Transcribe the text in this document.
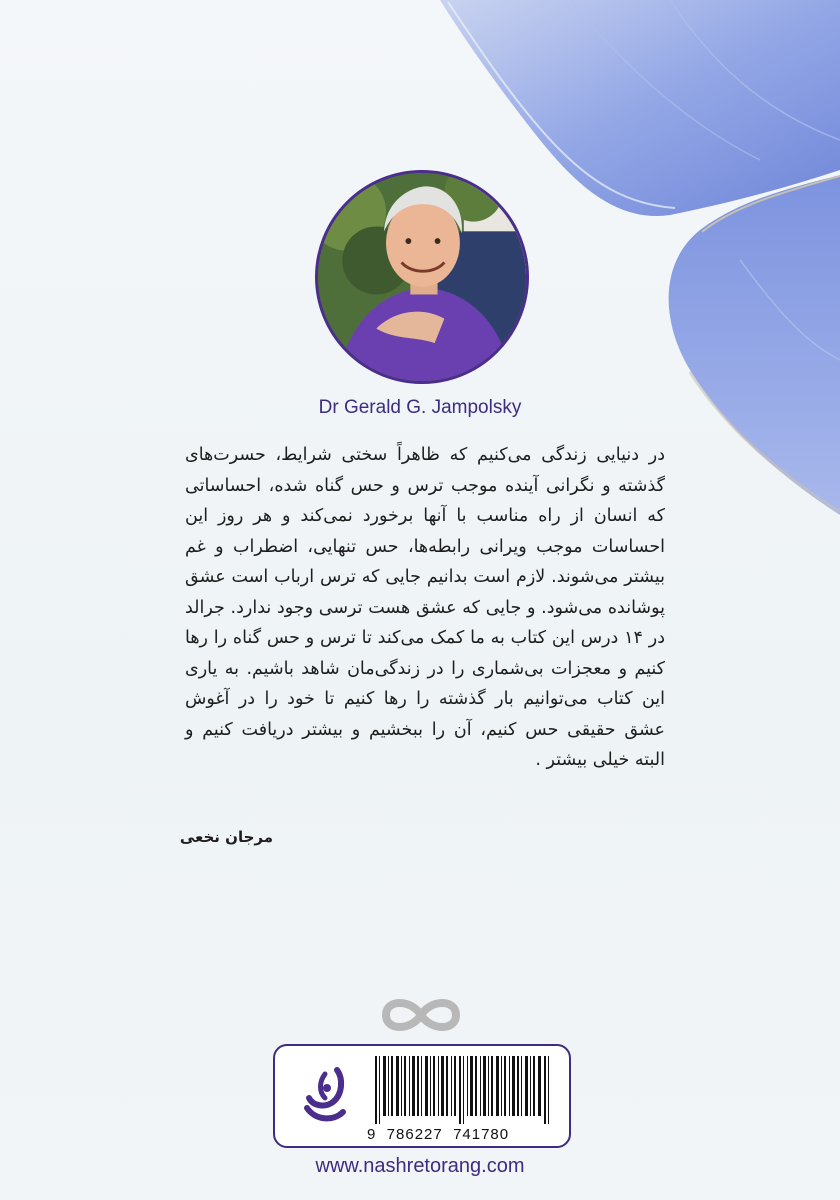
Dr Gerald G. Jampolsky

در دنیایی زندگی می‌کنیم که ظاهراً سختی شرایط، حسرت‌های گذشته و نگرانی آینده موجب ترس و حس گناه شده، احساساتی که انسان از راه مناسب با آنها برخورد نمی‌کند و هر روز این احساسات موجب ویرانی رابطه‌ها، حس تنهایی، اضطراب و غم بیشتر می‌شوند. لازم است بدانیم جایی که ترس ارباب است عشق پوشانده می‌شود. و جایی که عشق هست ترسی وجود ندارد. جرالد در ۱۴ درس این کتاب به ما کمک می‌کند تا ترس و حس گناه را رها کنیم و معجزات بی‌شماری را در زندگی‌مان شاهد باشیم. به یاری این کتاب می‌توانیم بار گذشته را رها کنیم تا خود را در آغوش عشق حقیقی حس کنیم، آن را ببخشیم و بیشتر دریافت کنیم و البته خیلی بیشتر .

مرجان نخعی
9  786227  741780
www.nashretorang.com
